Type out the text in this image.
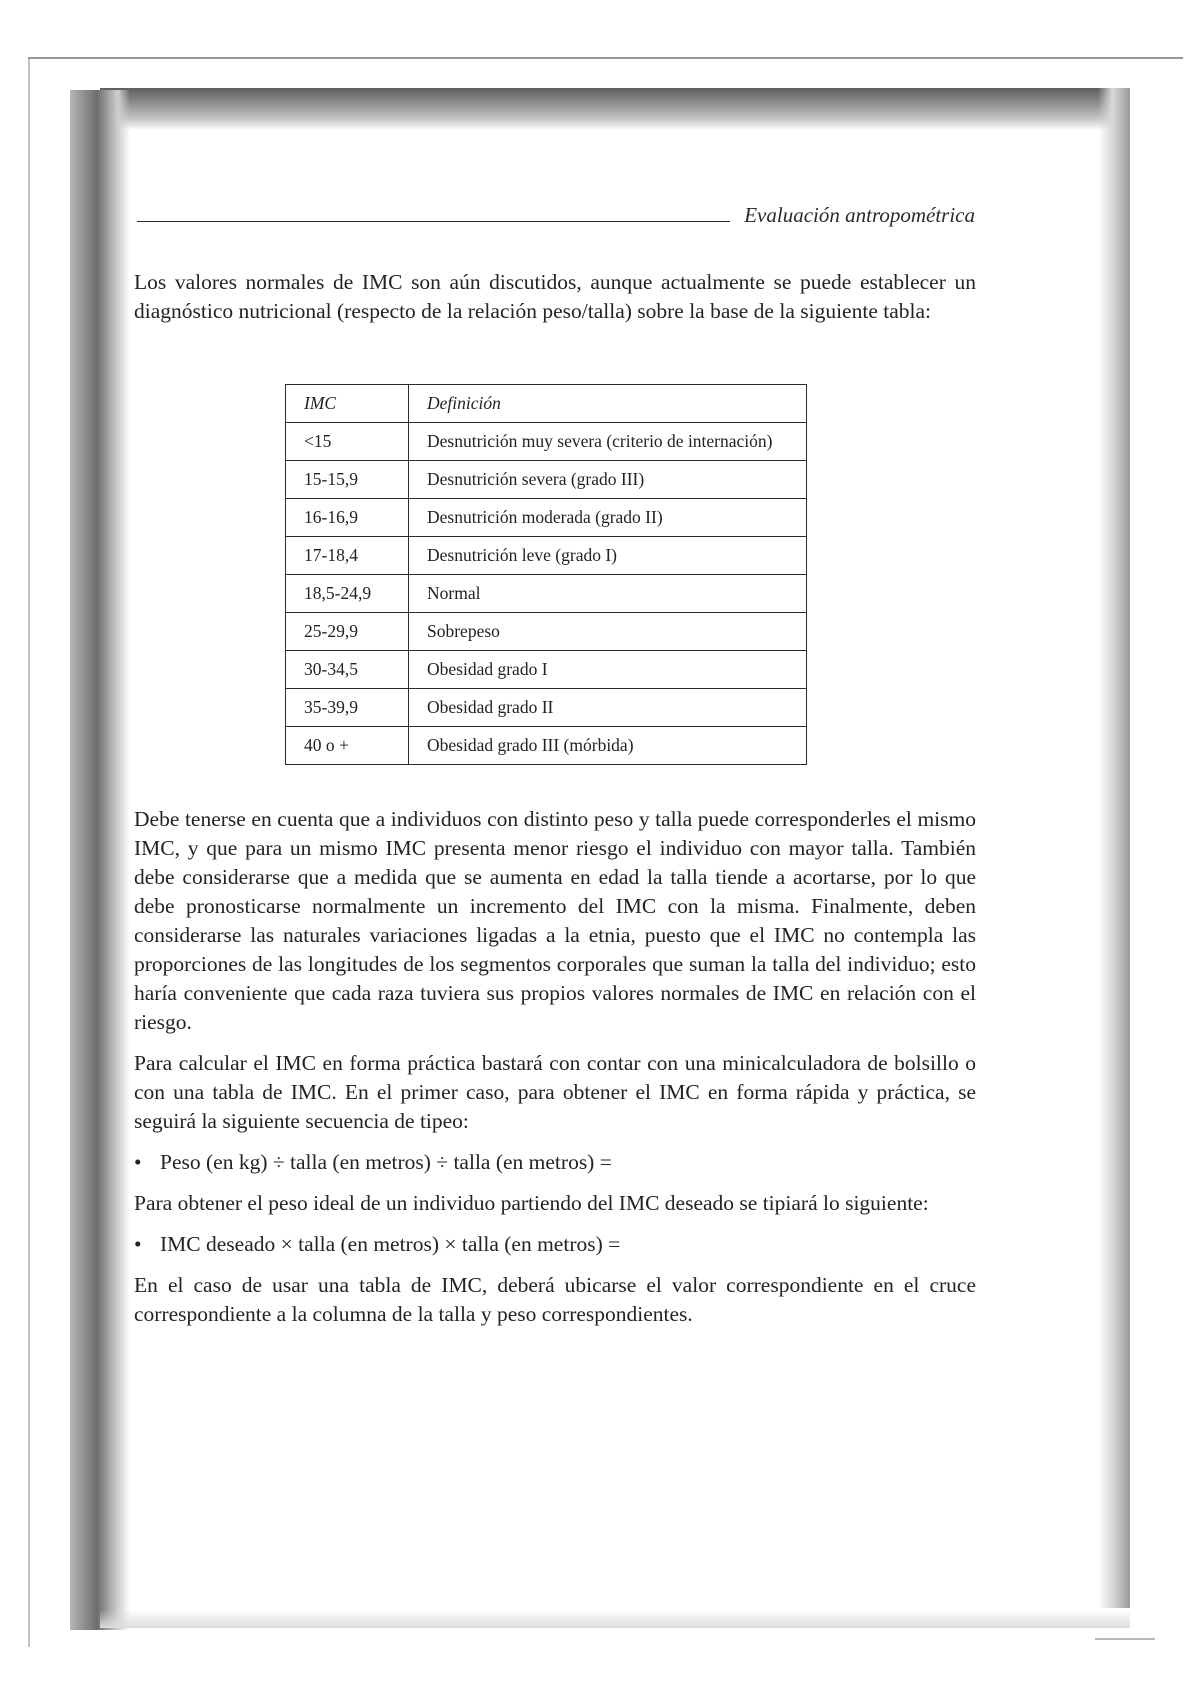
Evaluación antropométrica

Los valores normales de IMC son aún discutidos, aunque actualmente se puede establecer un diagnóstico nutricional (respecto de la relación peso/talla) sobre la base de la siguiente tabla:

IMC	Definición
<15	Desnutrición muy severa (criterio de internación)
15-15,9	Desnutrición severa (grado III)
16-16,9	Desnutrición moderada (grado II)
17-18,4	Desnutrición leve (grado I)
18,5-24,9	Normal
25-29,9	Sobrepeso
30-34,5	Obesidad grado I
35-39,9	Obesidad grado II
40 o +	Obesidad grado III (mórbida)

Debe tenerse en cuenta que a individuos con distinto peso y talla puede corresponderles el mismo IMC, y que para un mismo IMC presenta menor riesgo el individuo con mayor talla. También debe considerarse que a medida que se aumenta en edad la talla tiende a acortarse, por lo que debe pronosticarse normalmente un incremento del IMC con la misma. Finalmente, deben considerarse las naturales variaciones ligadas a la etnia, puesto que el IMC no contempla las proporciones de las longitudes de los segmentos corporales que suman la talla del individuo; esto haría conveniente que cada raza tuviera sus propios valores normales de IMC en relación con el riesgo.

Para calcular el IMC en forma práctica bastará con contar con una minicalculadora de bolsillo o con una tabla de IMC. En el primer caso, para obtener el IMC en forma rápida y práctica, se seguirá la siguiente secuencia de tipeo:

• Peso (en kg) ÷ talla (en metros) ÷ talla (en metros) =

Para obtener el peso ideal de un individuo partiendo del IMC deseado se tipiará lo siguiente:

• IMC deseado × talla (en metros) × talla (en metros) =

En el caso de usar una tabla de IMC, deberá ubicarse el valor correspondiente en el cruce correspondiente a la columna de la talla y peso correspondientes.
